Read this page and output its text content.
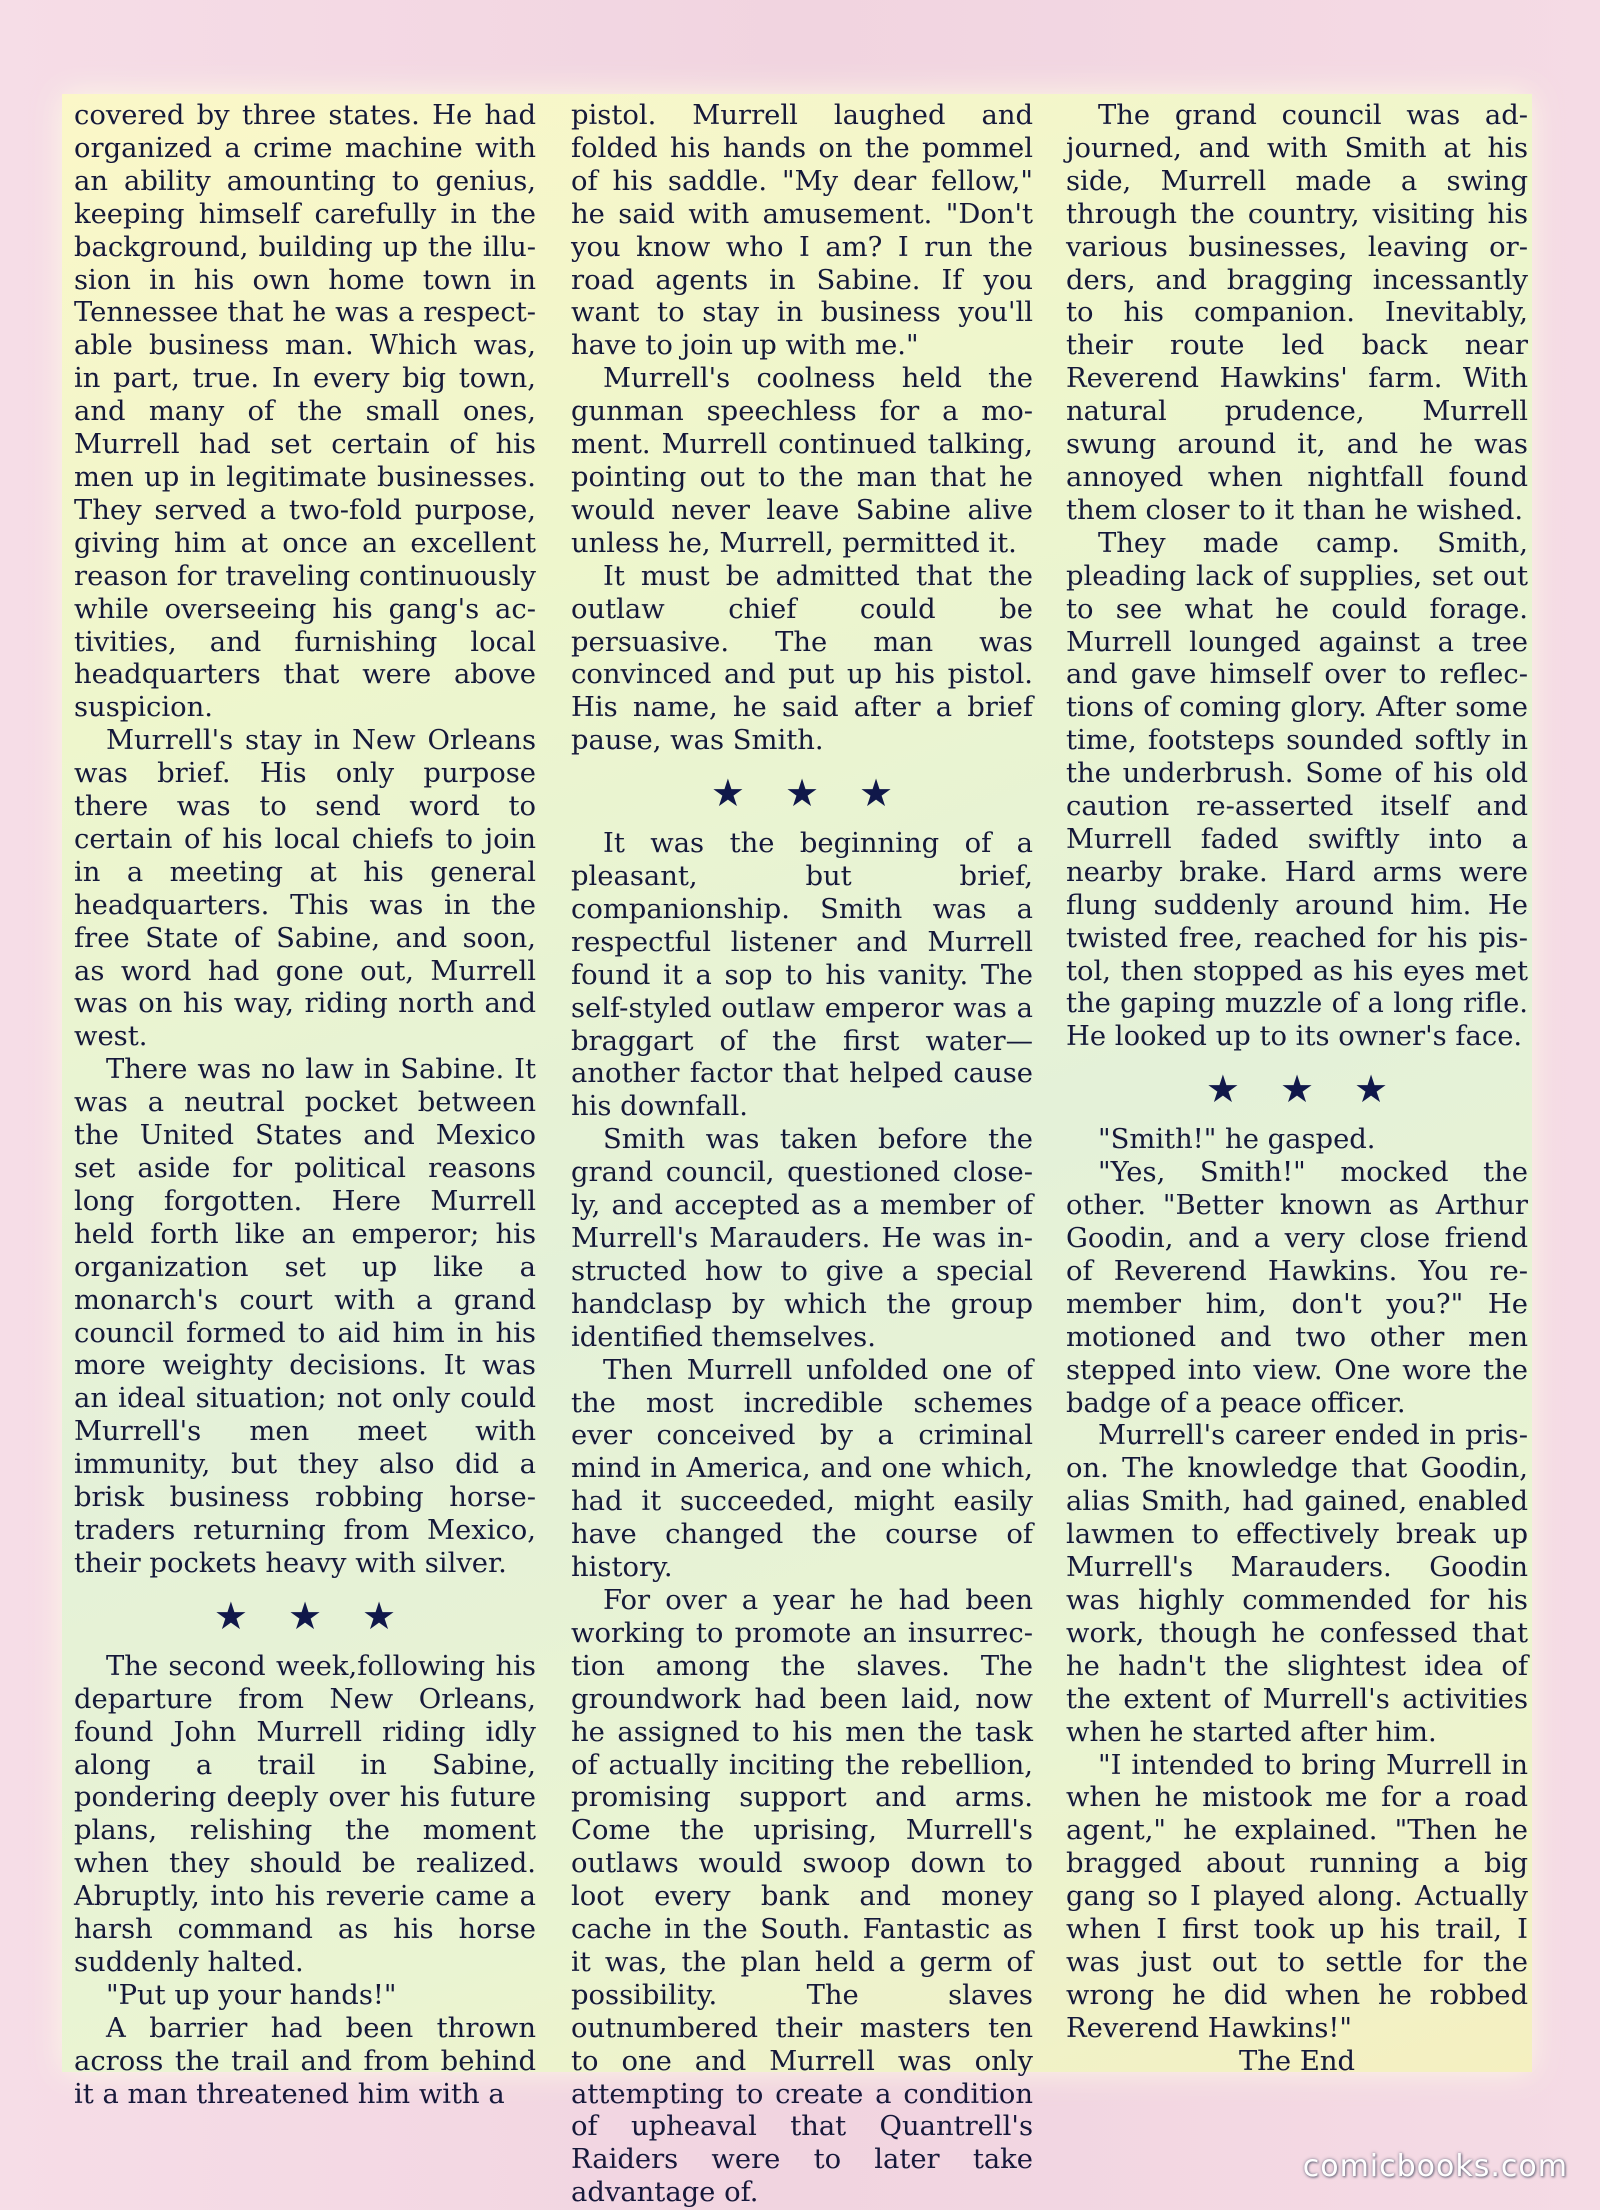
covered by three states. He had organized a crime machine with an ability amounting to genius, keeping himself carefully in the background, building up the illusion in his own home town in Tennessee that he was a respectable business man. Which was, in part, true. In every big town, and many of the small ones, Murrell had set certain of his men up in legitimate businesses. They served a two-fold purpose, giving him at once an excellent reason for traveling continuously while overseeing his gang's activities, and furnishing local headquarters that were above suspicion.

Murrell's stay in New Orleans was brief. His only purpose there was to send word to certain of his local chiefs to join in a meeting at his general headquarters. This was in the free State of Sabine, and soon, as word had gone out, Murrell was on his way, riding north and west.

There was no law in Sabine. It was a neutral pocket between the United States and Mexico set aside for political reasons long forgotten. Here Murrell held forth like an emperor; his organization set up like a monarch's court with a grand council formed to aid him in his more weighty decisions. It was an ideal situation; not only could Murrell's men meet with immunity, but they also did a brisk business robbing horse-traders returning from Mexico, their pockets heavy with silver.

★★★

The second week,following his departure from New Orleans, found John Murrell riding idly along a trail in Sabine, pondering deeply over his future plans, relishing the moment when they should be realized. Abruptly, into his reverie came a harsh command as his horse suddenly halted.

"Put up your hands!"

A barrier had been thrown across the trail and from behind it a man threatened him with a

pistol. Murrell laughed and folded his hands on the pommel of his saddle. "My dear fellow," he said with amusement. "Don't you know who I am? I run the road agents in Sabine. If you want to stay in business you'll have to join up with me."

Murrell's coolness held the gunman speechless for a moment. Murrell continued talking, pointing out to the man that he would never leave Sabine alive unless he, Murrell, permitted it.

It must be admitted that the outlaw chief could be persuasive. The man was convinced and put up his pistol. His name, he said after a brief pause, was Smith.

★★★

It was the beginning of a pleasant, but brief, companionship. Smith was a respectful listener and Murrell found it a sop to his vanity. The self-styled outlaw emperor was a braggart of the first water—another factor that helped cause his downfall.

Smith was taken before the grand council, questioned closely, and accepted as a member of Murrell's Marauders. He was instructed how to give a special handclasp by which the group identified themselves.

Then Murrell unfolded one of the most incredible schemes ever conceived by a criminal mind in America, and one which, had it succeeded, might easily have changed the course of history.

For over a year he had been working to promote an insurrection among the slaves. The groundwork had been laid, now he assigned to his men the task of actually inciting the rebellion, promising support and arms. Come the uprising, Murrell's outlaws would swoop down to loot every bank and money cache in the South. Fantastic as it was, the plan held a germ of possibility. The slaves outnumbered their masters ten to one and Murrell was only attempting to create a condition of upheaval that Quantrell's Raiders were to later take advantage of.

The grand council was adjourned, and with Smith at his side, Murrell made a swing through the country, visiting his various businesses, leaving orders, and bragging incessantly to his companion. Inevitably, their route led back near Reverend Hawkins' farm. With natural prudence, Murrell swung around it, and he was annoyed when nightfall found them closer to it than he wished.

They made camp. Smith, pleading lack of supplies, set out to see what he could forage. Murrell lounged against a tree and gave himself over to reflections of coming glory. After some time, footsteps sounded softly in the underbrush. Some of his old caution re-asserted itself and Murrell faded swiftly into a nearby brake. Hard arms were flung suddenly around him. He twisted free, reached for his pistol, then stopped as his eyes met the gaping muzzle of a long rifle. He looked up to its owner's face.

★★★

"Smith!" he gasped.

"Yes, Smith!" mocked the other. "Better known as Arthur Goodin, and a very close friend of Reverend Hawkins. You remember him, don't you?" He motioned and two other men stepped into view. One wore the badge of a peace officer.

Murrell's career ended in prison. The knowledge that Goodin, alias Smith, had gained, enabled lawmen to effectively break up Murrell's Marauders. Goodin was highly commended for his work, though he confessed that he hadn't the slightest idea of the extent of Murrell's activities when he started after him.

"I intended to bring Murrell in when he mistook me for a road agent," he explained. "Then he bragged about running a big gang so I played along. Actually when I first took up his trail, I was just out to settle for the wrong he did when he robbed Reverend Hawkins!"

The End

comicbooks.com
